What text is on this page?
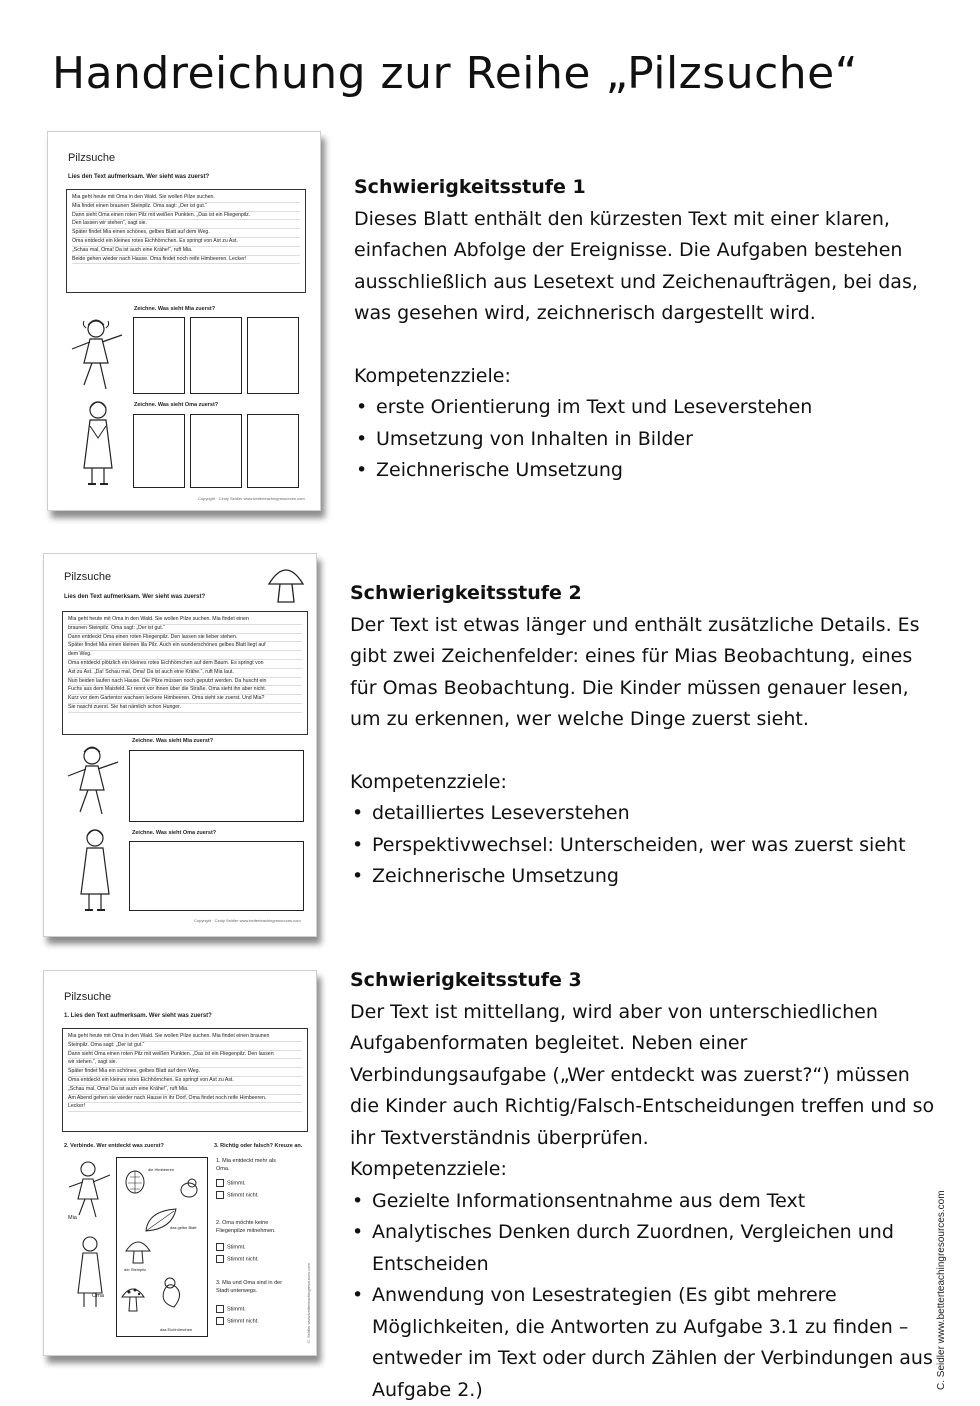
Handreichung zur Reihe „Pilzsuche“
Pilzsuche
Lies den Text aufmerksam. Wer sieht was zuerst?
Mia geht heute mit Oma in den Wald. Sie wollen Pilze suchen.
Mia findet einen braunen Steinpilz. Oma sagt: „Der ist gut.“
Dann sieht Oma einen roten Pilz mit weißen Punkten. „Das ist ein Fliegenpilz.
Den lassen wir stehen“, sagt sie.
Später findet Mia einen schönes, gelbes Blatt auf dem Weg.
Oma entdeckt ein kleines rotes Eichhörnchen. Es springt von Ast zu Ast.
„Schau mal, Oma! Da ist auch eine Krähe!“, ruft Mia.
Beide gehen wieder nach Hause. Oma findet noch reife Himbeeren. Lecker!
Zeichne. Was sieht Mia zuerst?
Zeichne. Was sieht Oma zuerst?
Copyright · Cindy Seidler www.betterteachingresources.com

Schwierigkeitsstufe 1

Dieses Blatt enthält den kürzesten Text mit einer klaren, einfachen Abfolge der Ereignisse. Die Aufgaben bestehen ausschließlich aus Lesetext und Zeichenaufträgen, bei das, was gesehen wird, zeichnerisch dargestellt wird.

Kompetenzziele:

• erste Orientierung im Text und Leseverstehen
• Umsetzung von Inhalten in Bilder
• Zeichnerische Umsetzung
Pilzsuche
Lies den Text aufmerksam. Wer sieht was zuerst?
Mia geht heute mit Oma in den Wald. Sie wollen Pilze suchen. Mia findet einen
braunen Steinpilz. Oma sagt: „Der ist gut.“
Dann entdeckt Oma einen roten Fliegenpilz. Den lassen sie lieber stehen.
Später findet Mia einen kleinen lila Pilz. Auch ein wunderschönes gelbes Blatt liegt auf
dem Weg.
Oma entdeckt plötzlich ein kleines rotes Eichhörnchen auf dem Baum. Es springt von
Ast zu Ast. „Da! Schau mal, Oma! Da ist auch eine Krähe.“, ruft Mia laut.
Nun beiden laufen nach Hause. Die Pilze müssen noch geputzt werden. Da huscht ein
Fuchs aus dem Maisfeld. Er rennt vor ihnen über die Straße. Oma sieht ihn aber nicht.
Kurz vor dem Gartentor wachsen leckere Himbeeren. Oma sieht sie zuerst. Und Mia?
Sie nascht zuerst. Sie hat nämlich schon Hunger.
Zeichne. Was sieht Mia zuerst?
Zeichne. Was sieht Oma zuerst?
Copyright · Cindy Seidler www.betterteachingresources.com

Schwierigkeitsstufe 2

Der Text ist etwas länger und enthält zusätzliche Details. Es gibt zwei Zeichenfelder: eines für Mias Beobachtung, eines für Omas Beobachtung. Die Kinder müssen genauer lesen, um zu erkennen, wer welche Dinge zuerst sieht.

Kompetenzziele:

• detailliertes Leseverstehen
• Perspektivwechsel: Unterscheiden, wer was zuerst sieht
• Zeichnerische Umsetzung
Pilzsuche
1. Lies den Text aufmerksam. Wer sieht was zuerst?
Mia geht heute mit Oma in den Wald. Sie wollen Pilze suchen. Mia findet einen braunen
Steinpilz. Oma sagt: „Der ist gut.“
Dann sieht Oma einen roten Pilz mit weißen Punkten. „Das ist ein Fliegenpilz. Den lassen
wir stehen.“, sagt sie.
Später findet Mia ein schönes, gelbes Blatt auf dem Weg.
Oma entdeckt ein kleines rotes Eichhörnchen. Es springt von Ast zu Ast.
„Schau mal, Oma! Da ist auch eine Krähe!“, ruft Mia.
Am Abend gehen sie wieder nach Hause in ihr Dorf. Oma findet noch reife Himbeeren.
Lecker!
2. Verbinde. Wer entdeckt was zuerst?	3. Richtig oder falsch? Kreuze an.
Mia
Oma
die Himbeeren
das gelbe Blatt
der Steinpilz
das Eichhörnchen
1. Mia entdeckt mehr als Oma.
Stimmt.
Stimmt nicht.
2. Oma möchte keine Fliegenpilze mitnehmen.
Stimmt.
Stimmt nicht.
3. Mia und Oma sind in der Stadt unterwegs.
Stimmt.
Stimmt nicht.	C. Seidler www.betterteachingresources.com

Schwierigkeitsstufe 3

Der Text ist mittellang, wird aber von unterschiedlichen Aufgabenformaten begleitet. Neben einer Verbindungsaufgabe („Wer entdeckt was zuerst?“) müssen die Kinder auch Richtig/Falsch-Entscheidungen treffen und so ihr Textverständnis überprüfen.

Kompetenzziele:

• Gezielte Informationsentnahme aus dem Text
• Analytisches Denken durch Zuordnen, Vergleichen und Entscheiden
• Anwendung von Lesestrategien (Es gibt mehrere Möglichkeiten, die Antworten zu Aufgabe 3.1 zu finden – entweder im Text oder durch Zählen der Verbindungen aus Aufgabe 2.)	C. Seidler www.betterteachingresources.com
